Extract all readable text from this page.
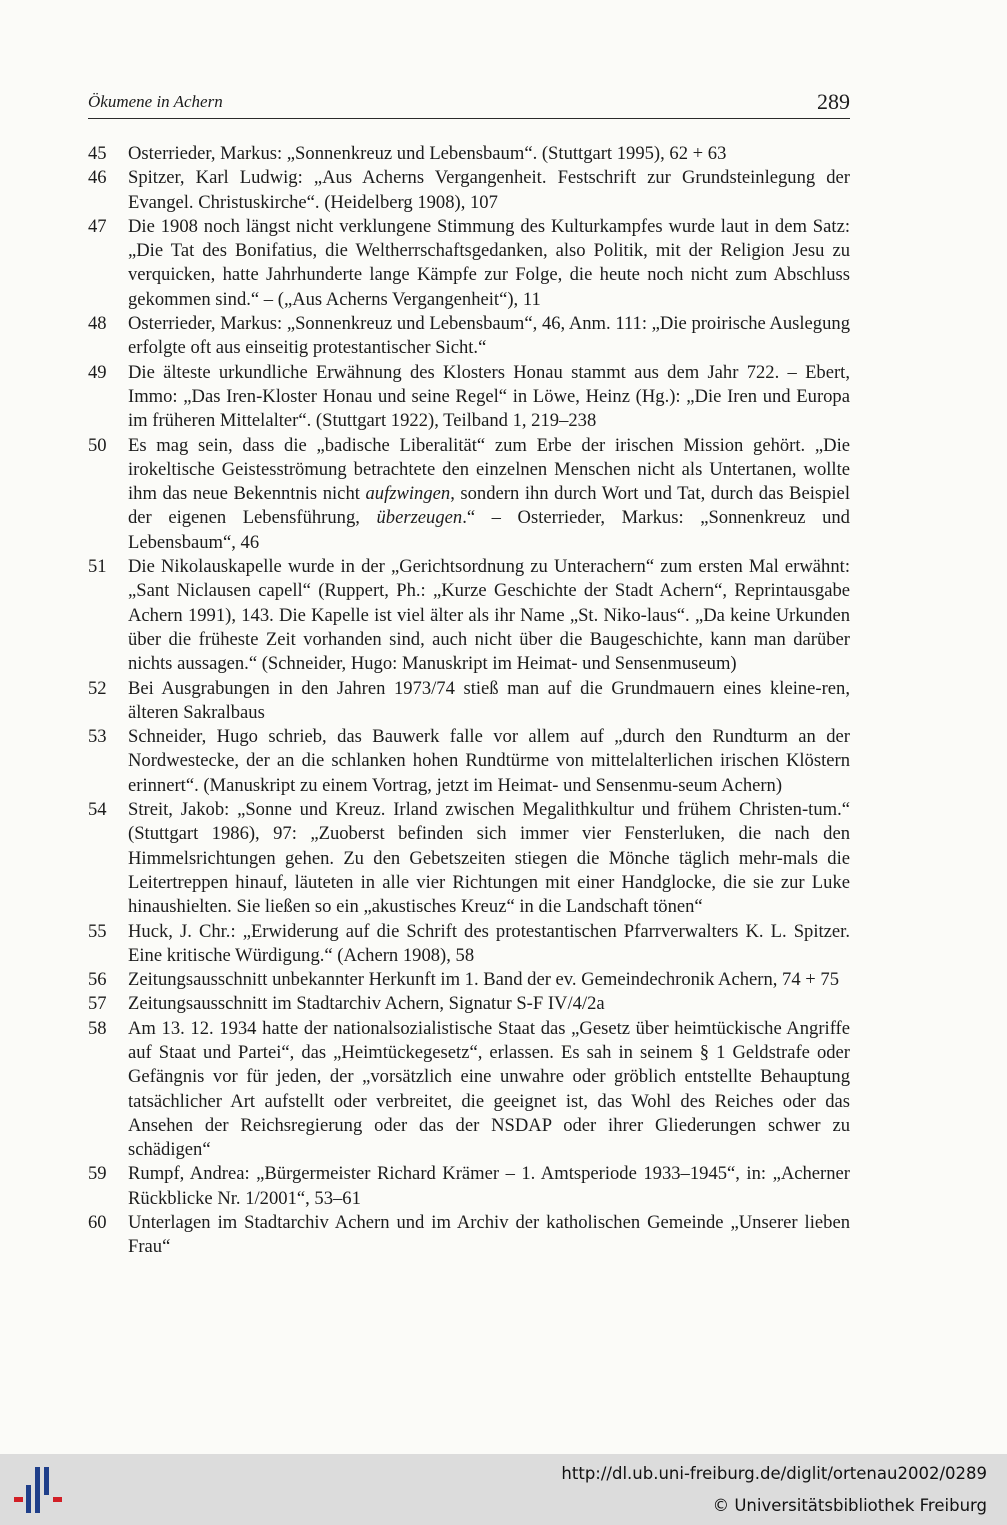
Ökumene in Achern	289
45	Osterrieder, Markus: „Sonnenkreuz und Lebensbaum“. (Stuttgart 1995), 62 + 63
46	Spitzer, Karl Ludwig: „Aus Acherns Vergangenheit. Festschrift zur Grundsteinlegung der Evangel. Christuskirche“. (Heidelberg 1908), 107
47	Die 1908 noch längst nicht verklungene Stimmung des Kulturkampfes wurde laut in dem Satz: „Die Tat des Bonifatius, die Weltherrschaftsgedanken, also Politik, mit der Religion Jesu zu verquicken, hatte Jahrhunderte lange Kämpfe zur Folge, die heute noch nicht zum Abschluss gekommen sind.“ – („Aus Acherns Vergangenheit“), 11
48	Osterrieder, Markus: „Sonnenkreuz und Lebensbaum“, 46, Anm. 111: „Die proirische Auslegung erfolgte oft aus einseitig protestantischer Sicht.“
49	Die älteste urkundliche Erwähnung des Klosters Honau stammt aus dem Jahr 722. – Ebert, Immo: „Das Iren-Kloster Honau und seine Regel“ in Löwe, Heinz (Hg.): „Die Iren und Europa im früheren Mittelalter“. (Stuttgart 1922), Teilband 1, 219–238
50	Es mag sein, dass die „badische Liberalität“ zum Erbe der irischen Mission gehört. „Die irokeltische Geistesströmung betrachtete den einzelnen Menschen nicht als Untertanen, wollte ihm das neue Bekenntnis nicht aufzwingen, sondern ihn durch Wort und Tat, durch das Beispiel der eigenen Lebensführung, überzeugen.“ – Osterrieder, Markus: „Sonnenkreuz und Lebensbaum“, 46
51	Die Nikolauskapelle wurde in der „Gerichtsordnung zu Unterachern“ zum ersten Mal erwähnt: „Sant Niclausen capell“ (Ruppert, Ph.: „Kurze Geschichte der Stadt Achern“, Reprintausgabe Achern 1991), 143. Die Kapelle ist viel älter als ihr Name „St. Niko-laus“. „Da keine Urkunden über die früheste Zeit vorhanden sind, auch nicht über die Baugeschichte, kann man darüber nichts aussagen.“ (Schneider, Hugo: Manuskript im Heimat- und Sensenmuseum)
52	Bei Ausgrabungen in den Jahren 1973/74 stieß man auf die Grundmauern eines kleine-ren, älteren Sakralbaus
53	Schneider, Hugo schrieb, das Bauwerk falle vor allem auf „durch den Rundturm an der Nordwestecke, der an die schlanken hohen Rundtürme von mittelalterlichen irischen Klöstern erinnert“. (Manuskript zu einem Vortrag, jetzt im Heimat- und Sensenmu-seum Achern)
54	Streit, Jakob: „Sonne und Kreuz. Irland zwischen Megalithkultur und frühem Christen-tum.“ (Stuttgart 1986), 97: „Zuoberst befinden sich immer vier Fensterluken, die nach den Himmelsrichtungen gehen. Zu den Gebetszeiten stiegen die Mönche täglich mehr-mals die Leitertreppen hinauf, läuteten in alle vier Richtungen mit einer Handglocke, die sie zur Luke hinaushielten. Sie ließen so ein „akustisches Kreuz“ in die Landschaft tönen“
55	Huck, J. Chr.: „Erwiderung auf die Schrift des protestantischen Pfarrverwalters K. L. Spitzer. Eine kritische Würdigung.“ (Achern 1908), 58
56	Zeitungsausschnitt unbekannter Herkunft im 1. Band der ev. Gemeindechronik Achern, 74 + 75
57	Zeitungsausschnitt im Stadtarchiv Achern, Signatur S-F IV/4/2a
58	Am 13. 12. 1934 hatte der nationalsozialistische Staat das „Gesetz über heimtückische Angriffe auf Staat und Partei“, das „Heimtückegesetz“, erlassen. Es sah in seinem § 1 Geldstrafe oder Gefängnis vor für jeden, der „vorsätzlich eine unwahre oder gröblich entstellte Behauptung tatsächlicher Art aufstellt oder verbreitet, die geeignet ist, das Wohl des Reiches oder das Ansehen der Reichsregierung oder das der NSDAP oder ihrer Gliederungen schwer zu schädigen“
59	Rumpf, Andrea: „Bürgermeister Richard Krämer – 1. Amtsperiode 1933–1945“, in: „Acherner Rückblicke Nr. 1/2001“, 53–61
60	Unterlagen im Stadtarchiv Achern und im Archiv der katholischen Gemeinde „Unserer lieben Frau“
http://dl.ub.uni-freiburg.de/diglit/ortenau2002/0289
© Universitätsbibliothek Freiburg
